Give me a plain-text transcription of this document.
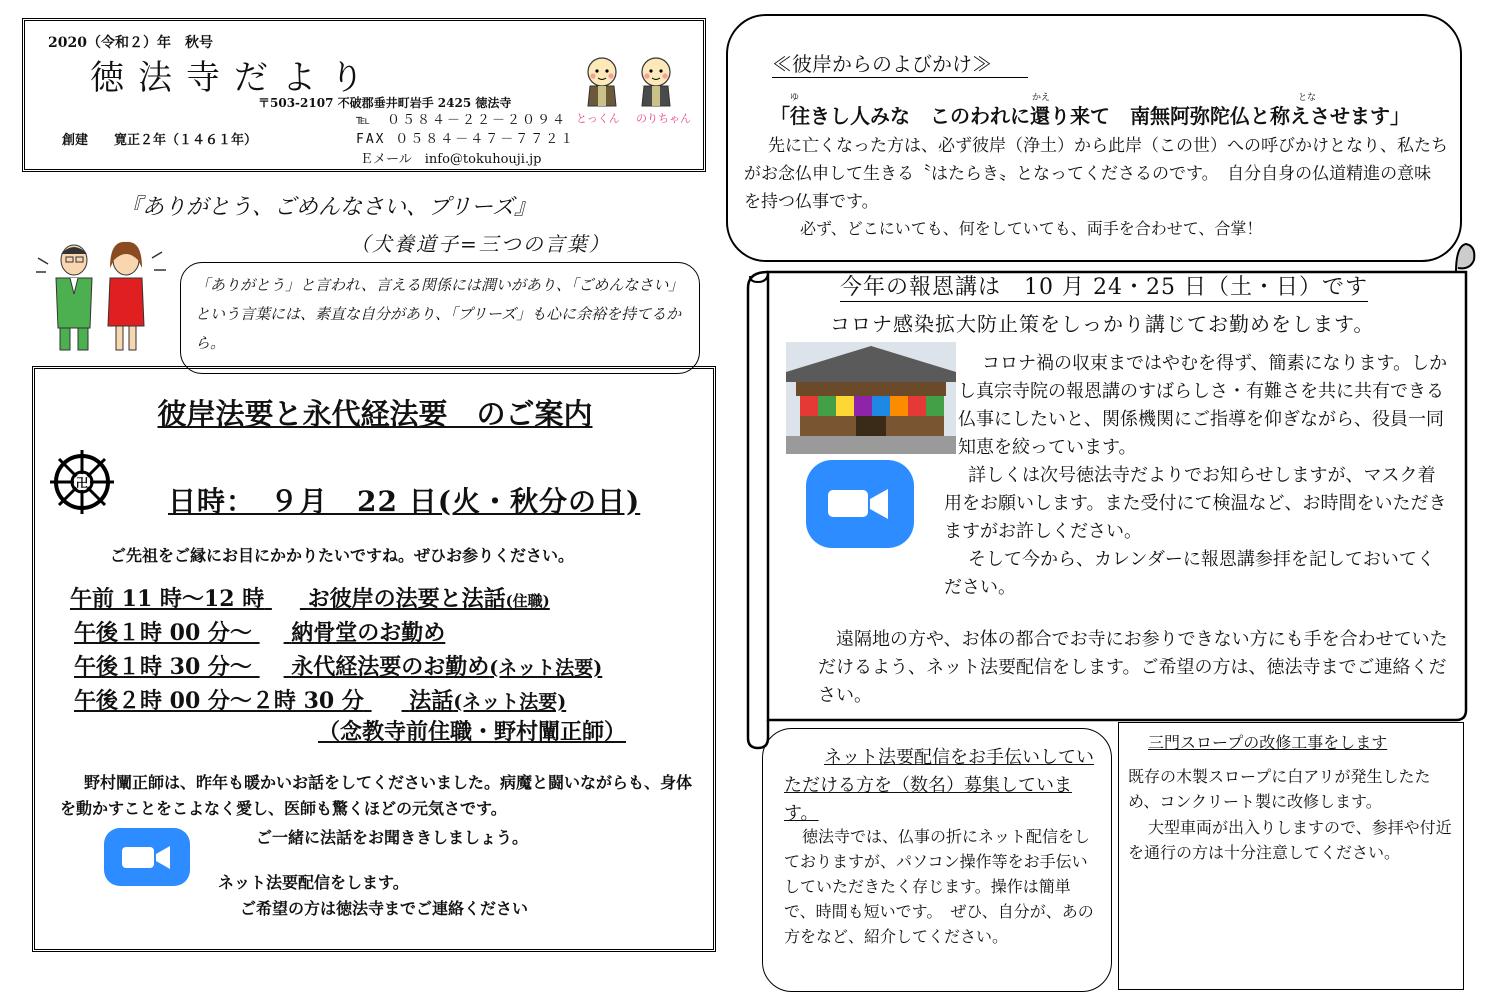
2020（令和２）年　秋号
徳法寺だより
〒503-2107 不破郡垂井町岩手 2425 徳法寺
℡　０５８４－２２－２０９４
FAX ０５８４－４７－７７２１
創建　　寛正２年（１４６１年）
Ｅメール　info@tokuhouji.jp
とっくん のりちゃん
『ありがとう、ごめんなさい、プリーズ』
（犬養道子=三つの言葉）
「ありがとう」と言われ、言える関係には潤いがあり、「ごめんなさい」という言葉には、素直な自分があり、「プリーズ」も心に余裕を持てるから。
彼岸法要と永代経法要　のご案内
卍
日時：　９月　22 日(火・秋分の日)
ご先祖をご縁にお目にかかりたいですね。ぜひお参りください。
午前 11 時～12 時 お彼岸の法要と法話(住職)
午後１時 00 分～ 納骨堂のお勤め
午後１時 30 分～ 永代経法要のお勤め(ネット法要)
午後２時 00 分～２時 30 分 法話(ネット法要)
（念教寺前住職・野村闡正師）
野村闡正師は、昨年も暖かいお話をしてくださいました。病魔と闘いながらも、身体を動かすことをこよなく愛し、医師も驚くほどの元気さです。
ご一緒に法話をお聞ききしましょう。
ネット法要配信をします。
ご希望の方は徳法寺までご連絡ください
≪彼岸からのよびかけ≫
ゆ	かえ	とな
「往きし人みな　このわれに還り来て　南無阿弥陀仏と称えさせます」
先に亡くなった方は、必ず彼岸（浄土）から此岸（この世）への呼びかけとなり、私たちがお念仏申して生きる〝はたらき〟となってくださるのです。　自分自身の仏道精進の意味を持つ仏事です。
必ず、どこにいても、何をしていても、両手を合わせて、合掌！
今年の報恩講は　10 月 24・25 日（土・日）です
コロナ感染拡大防止策をしっかり講じてお勤めをします。
コロナ禍の収束まではやむを得ず、簡素になります。しかし真宗寺院の報恩講のすばらしさ・有難さを共に共有できる仏事にしたいと、関係機関にご指導を仰ぎながら、役員一同知恵を絞っています。
詳しくは次号徳法寺だよりでお知らせしますが、マスク着用をお願いします。また受付にて検温など、お時間をいただきますがお許しください。
そして今から、カレンダーに報恩講参拝を記しておいてください。
遠隔地の方や、お体の都合でお寺にお参りできない方にも手を合わせていただけるよう、ネット法要配信をします。ご希望の方は、徳法寺までご連絡ください。
ネット法要配信をお手伝いしていただける方を（数名）募集しています。
徳法寺では、仏事の折にネット配信をしておりますが、パソコン操作等をお手伝いしていただきたく存じます。操作は簡単で、時間も短いです。　ぜひ、自分が、あの方をなど、紹介してください。
三門スロープの改修工事をします
既存の木製スロープに白アリが発生したため、コンクリート製に改修します。
大型車両が出入りしますので、参拝や付近を通行の方は十分注意してください。
